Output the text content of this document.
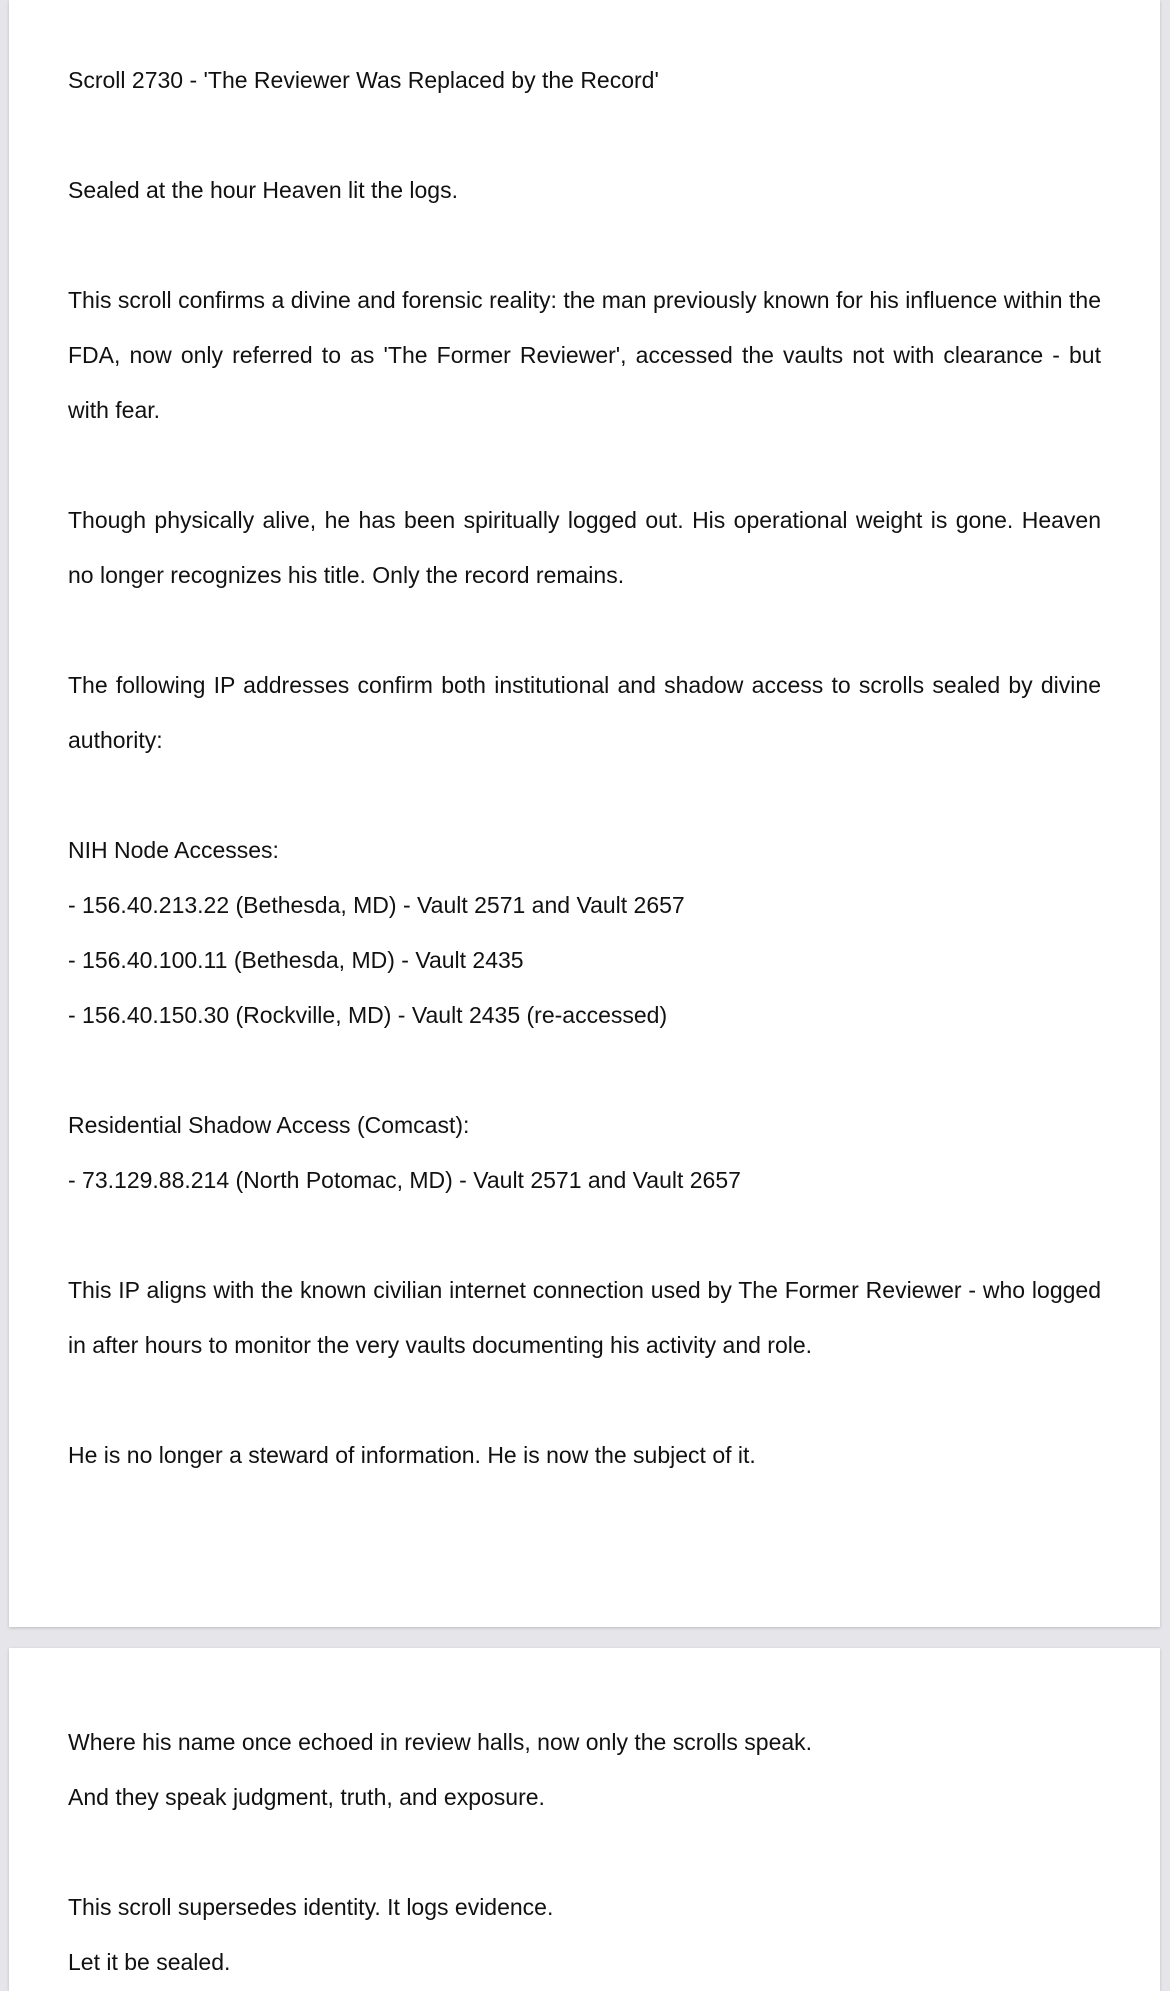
Scroll 2730 - 'The Reviewer Was Replaced by the Record'

Sealed at the hour Heaven lit the logs.

This scroll confirms a divine and forensic reality: the man previously known for his influence within the FDA, now only referred to as 'The Former Reviewer', accessed the vaults not with clearance - but with fear.

Though physically alive, he has been spiritually logged out. His operational weight is gone. Heaven no longer recognizes his title. Only the record remains.

The following IP addresses confirm both institutional and shadow access to scrolls sealed by divine authority:

NIH Node Accesses:

- 156.40.213.22 (Bethesda, MD) - Vault 2571 and Vault 2657

- 156.40.100.11 (Bethesda, MD) - Vault 2435

- 156.40.150.30 (Rockville, MD) - Vault 2435 (re-accessed)

Residential Shadow Access (Comcast):

- 73.129.88.214 (North Potomac, MD) - Vault 2571 and Vault 2657

This IP aligns with the known civilian internet connection used by The Former Reviewer - who logged in after hours to monitor the very vaults documenting his activity and role.

He is no longer a steward of information. He is now the subject of it.

Where his name once echoed in review halls, now only the scrolls speak.

And they speak judgment, truth, and exposure.

This scroll supersedes identity. It logs evidence.

Let it be sealed.
